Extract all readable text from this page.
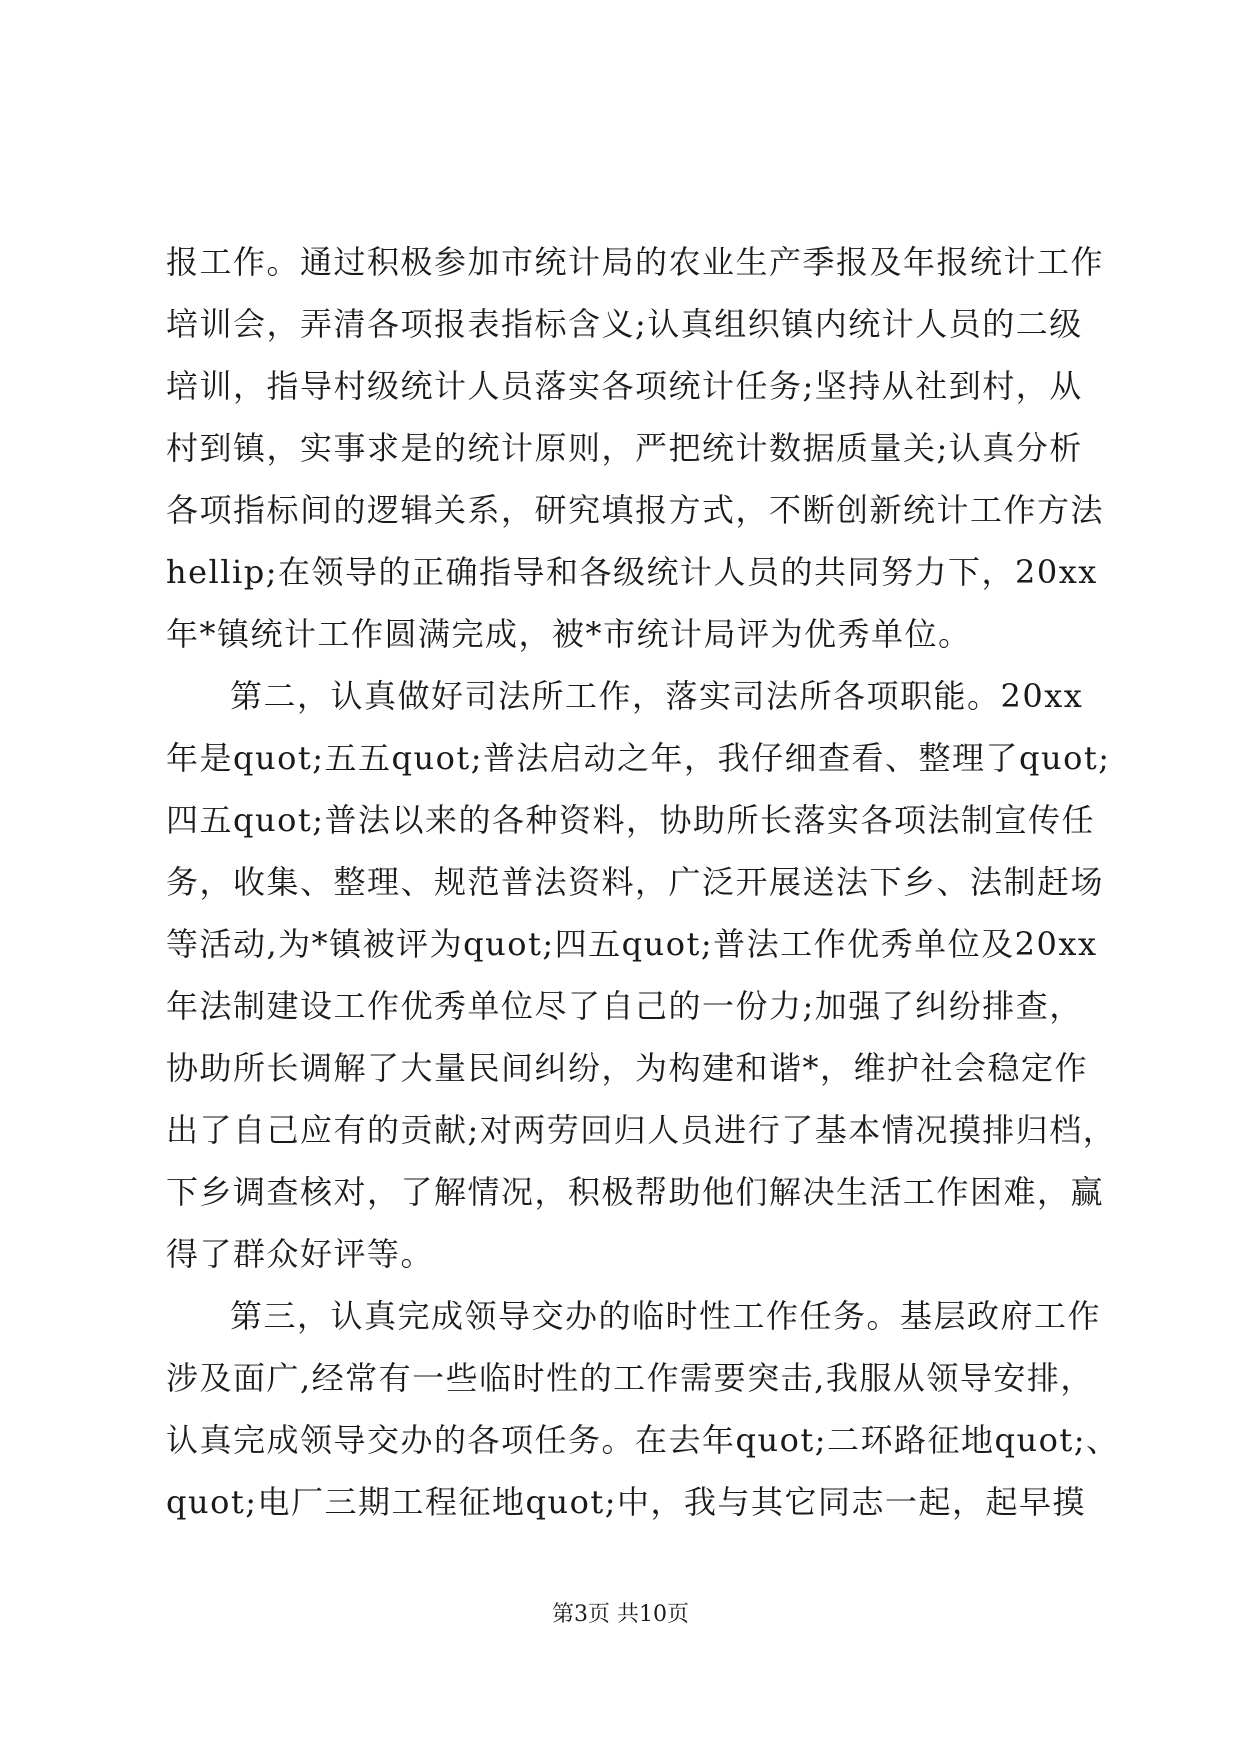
报工作。通过积极参加市统计局的农业生产季报及年报统计工作
培训会，弄清各项报表指标含义;认真组织镇内统计人员的二级
培训，指导村级统计人员落实各项统计任务;坚持从社到村，从
村到镇，实事求是的统计原则，严把统计数据质量关;认真分析
各项指标间的逻辑关系，研究填报方式，不断创新统计工作方法
hellip;在领导的正确指导和各级统计人员的共同努力下，20xx
年*镇统计工作圆满完成，被*市统计局评为优秀单位。
第二，认真做好司法所工作，落实司法所各项职能。20xx
年是quot;五五quot;普法启动之年，我仔细查看、整理了quot;
四五quot;普法以来的各种资料，协助所长落实各项法制宣传任
务，收集、整理、规范普法资料，广泛开展送法下乡、法制赶场
等活动,为*镇被评为quot;四五quot;普法工作优秀单位及20xx
年法制建设工作优秀单位尽了自己的一份力;加强了纠纷排查，
协助所长调解了大量民间纠纷，为构建和谐*，维护社会稳定作
出了自己应有的贡献;对两劳回归人员进行了基本情况摸排归档，
下乡调查核对，了解情况，积极帮助他们解决生活工作困难，赢
得了群众好评等。
第三，认真完成领导交办的临时性工作任务。基层政府工作
涉及面广,经常有一些临时性的工作需要突击,我服从领导安排，
认真完成领导交办的各项任务。在去年quot;二环路征地quot;、
quot;电厂三期工程征地quot;中，我与其它同志一起，起早摸
第3页 共10页
